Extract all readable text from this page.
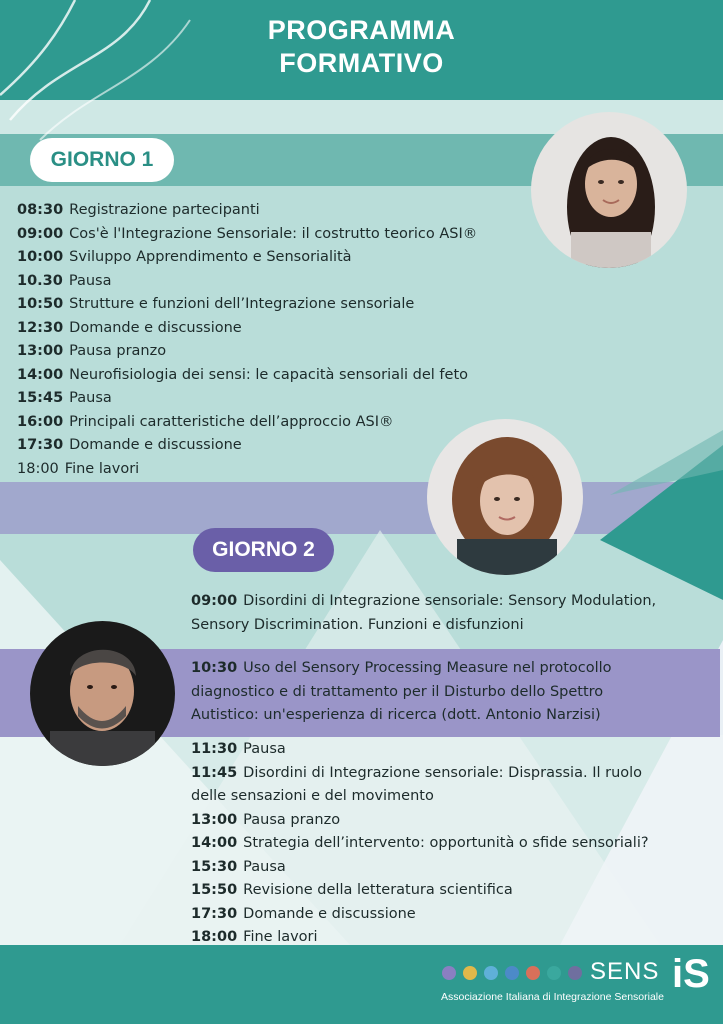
PROGRAMMA
FORMATIVO
GIORNO 1
08:30 Registrazione partecipanti
09:00 Cos'è l'Integrazione Sensoriale: il costrutto teorico ASI®
10:00 Sviluppo Apprendimento e Sensorialità
10.30 Pausa
10:50 Strutture e funzioni dell’Integrazione sensoriale
12:30 Domande e discussione
13:00 Pausa pranzo
14:00 Neurofisiologia dei sensi: le capacità sensoriali del feto
15:45 Pausa
16:00 Principali caratteristiche dell’approccio ASI®
17:30 Domande e discussione
18:00 Fine lavori
GIORNO 2
09:00 Disordini di Integrazione sensoriale: Sensory Modulation,
Sensory Discrimination. Funzioni e disfunzioni
10:30 Uso del Sensory Processing Measure nel protocollo
diagnostico e di trattamento per il Disturbo dello Spettro
Autistico: un'esperienza di ricerca (dott. Antonio Narzisi)
11:30 Pausa
11:45 Disordini di Integrazione sensoriale: Disprassia. Il ruolo
delle sensazioni e del movimento
13:00 Pausa pranzo
14:00 Strategia dell’intervento: opportunità o sfide sensoriali?
15:30 Pausa
15:50 Revisione della letteratura scientifica
17:30 Domande e discussione
18:00 Fine lavori
SENS iS
Associazione Italiana di Integrazione Sensoriale
